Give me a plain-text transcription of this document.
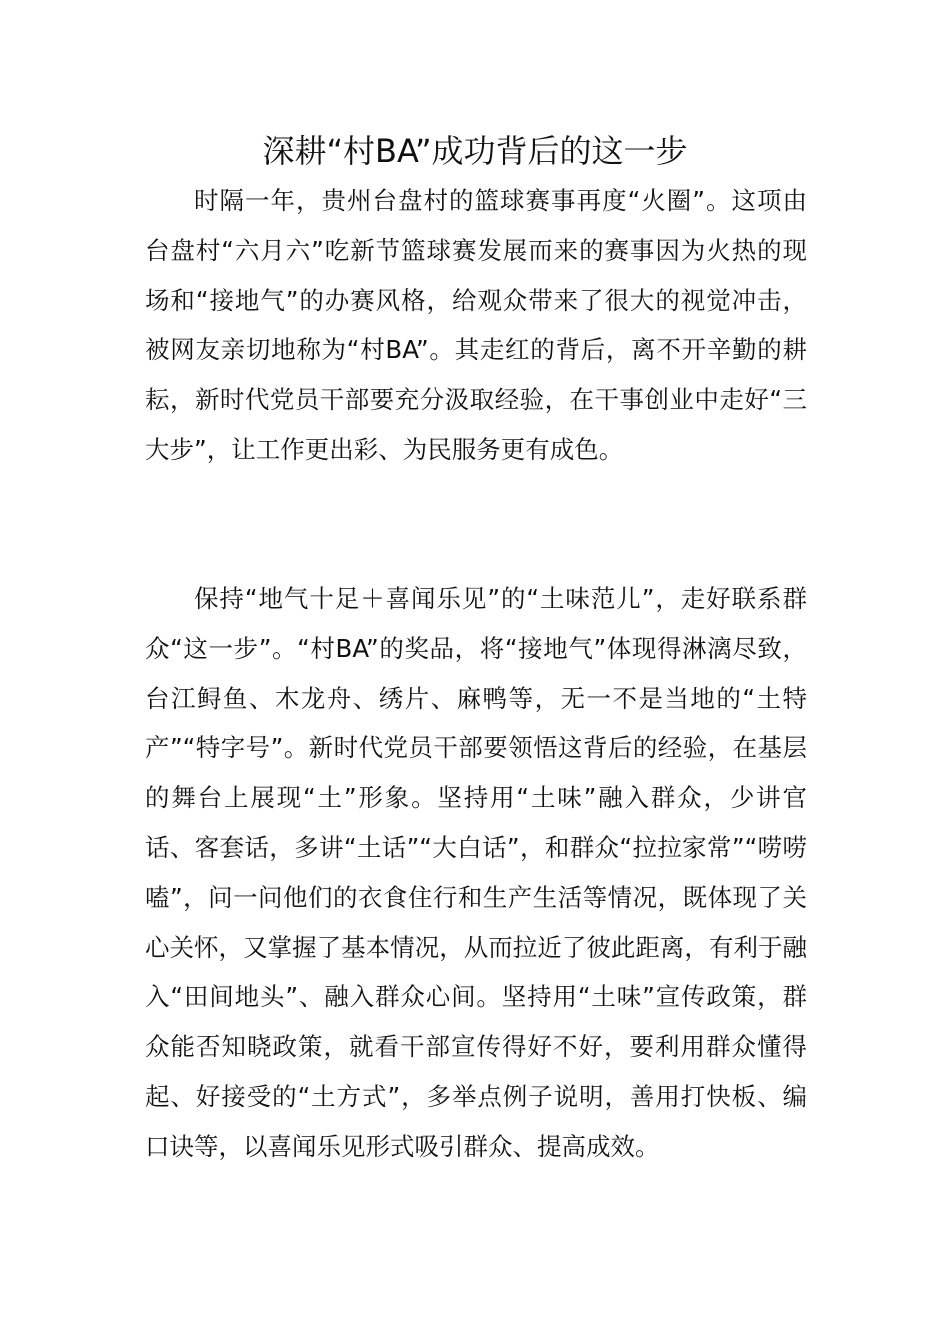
深耕“村BA”成功背后的这一步

时隔一年，贵州台盘村的篮球赛事再度“火圈”。这项由台盘村“六月六”吃新节篮球赛发展而来的赛事因为火热的现场和“接地气”的办赛风格，给观众带来了很大的视觉冲击，被网友亲切地称为“村BA”。其走红的背后，离不开辛勤的耕耘，新时代党员干部要充分汲取经验，在干事创业中走好“三大步”，让工作更出彩、为民服务更有成色。

保持“地气十足＋喜闻乐见”的“土味范儿”，走好联系群众“这一步”。“村BA”的奖品，将“接地气”体现得淋漓尽致，台江鲟鱼、木龙舟、绣片、麻鸭等，无一不是当地的“土特产”“特字号”。新时代党员干部要领悟这背后的经验，在基层的舞台上展现“土”形象。坚持用“土味”融入群众，少讲官话、客套话，多讲“土话”“大白话”，和群众“拉拉家常”“唠唠嗑”，问一问他们的衣食住行和生产生活等情况，既体现了关心关怀，又掌握了基本情况，从而拉近了彼此距离，有利于融入“田间地头”、融入群众心间。坚持用“土味”宣传政策，群众能否知晓政策，就看干部宣传得好不好，要利用群众懂得起、好接受的“土方式”，多举点例子说明，善用打快板、编口诀等，以喜闻乐见形式吸引群众、提高成效。
